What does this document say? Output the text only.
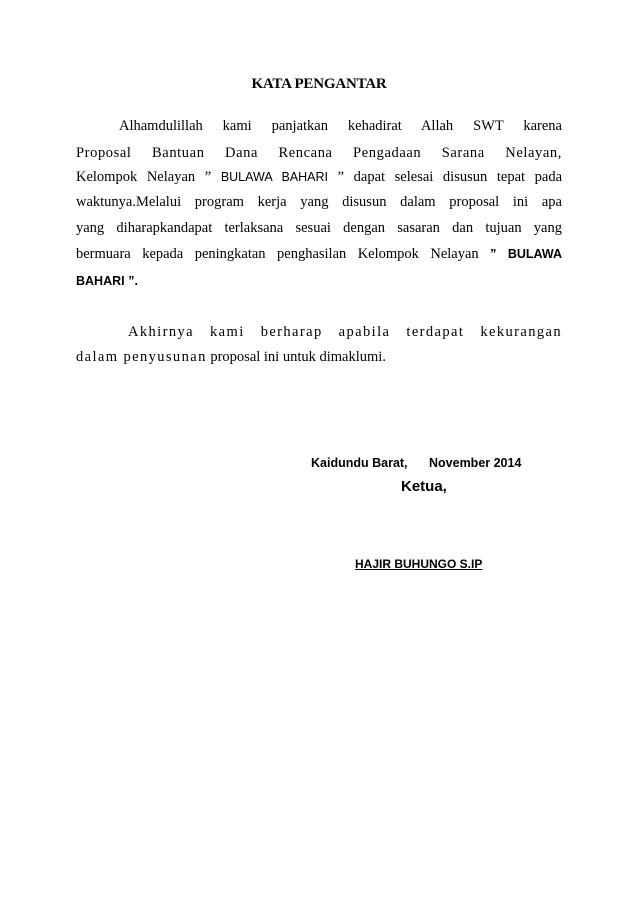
KATA PENGANTAR
Alhamdulillah kami panjatkan kehadirat Allah SWT karena
Proposal Bantuan Dana Rencana Pengadaan Sarana Nelayan,
Kelompok Nelayan ” BULAWA BAHARI ” dapat selesai disusun tepat pada
waktunya.Melalui program kerja yang disusun dalam proposal ini apa
yang diharapkandapat terlaksana sesuai dengan sasaran dan tujuan yang
bermuara kepada peningkatan penghasilan Kelompok Nelayan ” BULAWA
BAHARI ”.
Akhirnya kami berharap apabila terdapat kekurangan
dalam penyusunan proposal ini untuk dimaklumi.
Kaidundu Barat, November 2014
Ketua,
HAJIR BUHUNGO S.IP
